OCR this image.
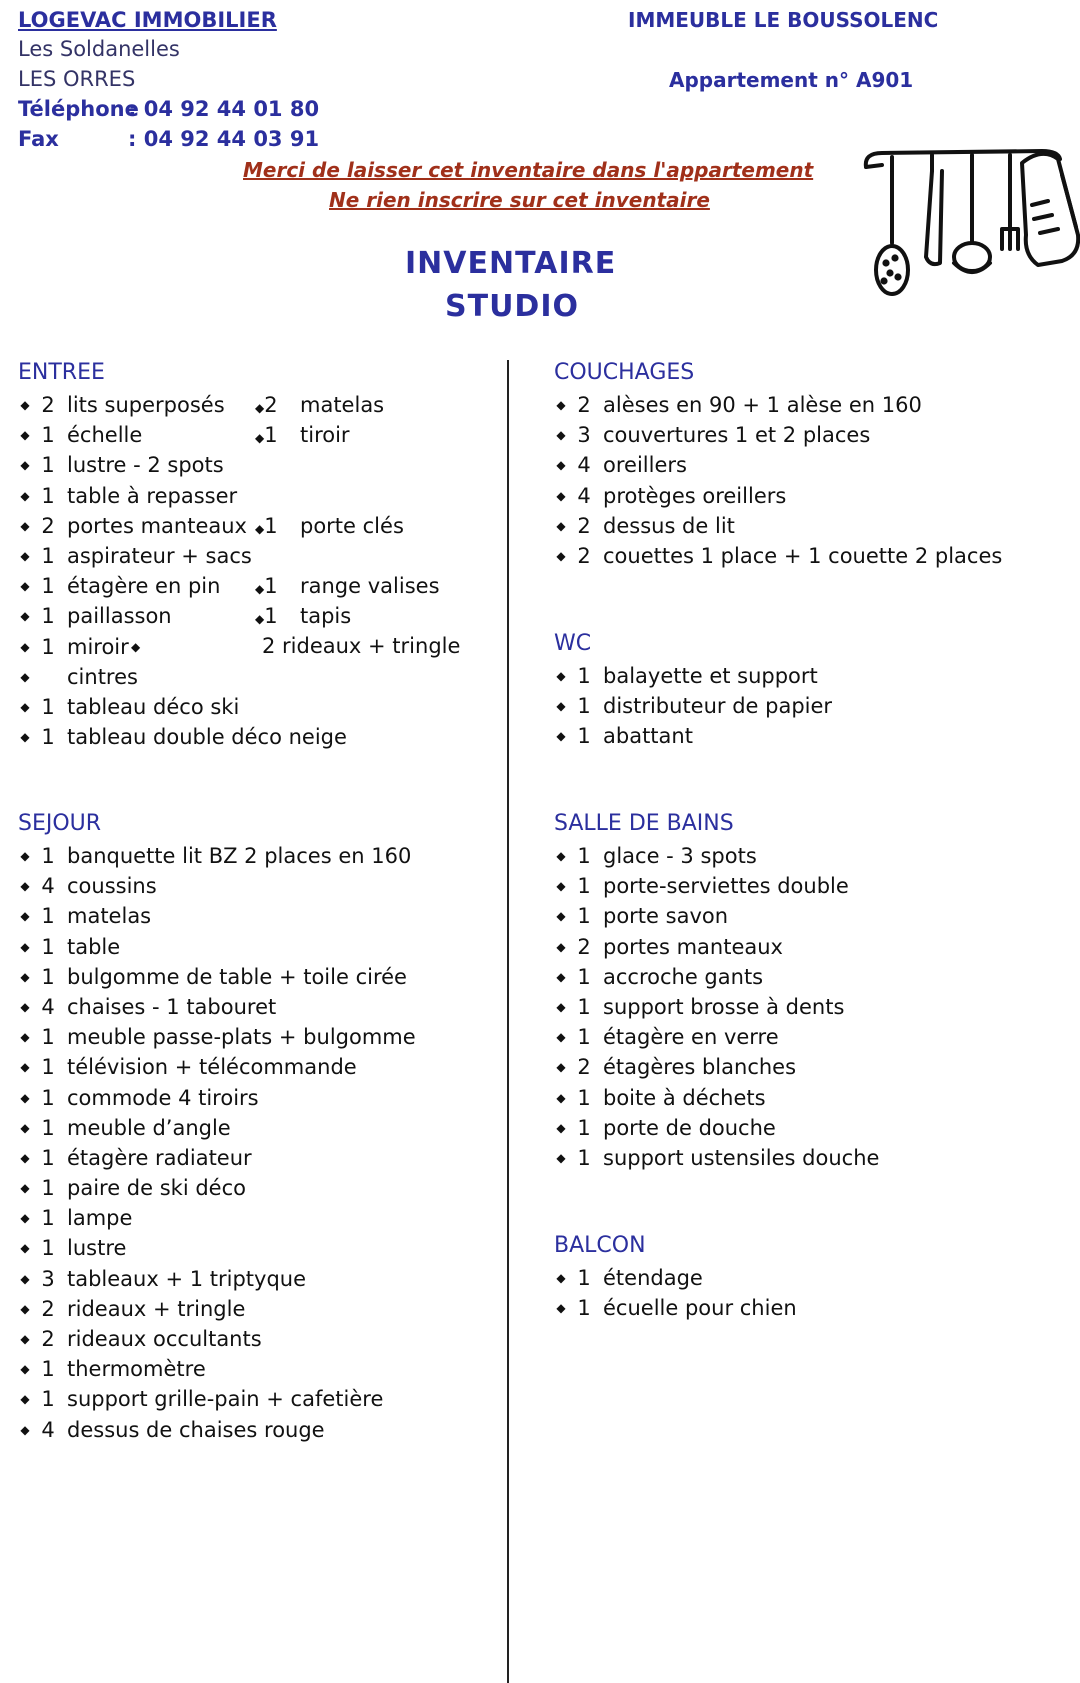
LOGEVAC IMMOBILIER
Les Soldanelles
LES ORRES
Téléphone
: 04 92 44 01 80
Fax	: 04 92 44 03 91
IMMEUBLE LE BOUSSOLENC
Appartement n° A901
Merci de laisser cet inventaire dans l'appartement
Ne rien inscrire sur cet inventaire
INVENTAIRE
STUDIO
ENTREE
◆ 2 lits superposés
◆ 1 échelle
◆ 1 lustre - 2 spots
◆ 1 table à repasser
◆ 2 portes manteaux
◆ 1 aspirateur + sacs
◆ 1 étagère en pin
◆ 1 paillasson
◆ 1 miroir ◆
◆ cintres
◆ 1 tableau déco ski
◆ 1 tableau double déco neige
◆2 matelas
◆1 tiroir
◆1 porte clés
◆1 range valises
◆1 tapis
2 rideaux + tringle
SEJOUR
◆ 1 banquette lit BZ 2 places en 160
◆ 4 coussins
◆ 1 matelas
◆ 1 table
◆ 1 bulgomme de table + toile cirée
◆ 4 chaises - 1 tabouret
◆ 1 meuble passe-plats + bulgomme
◆ 1 télévision + télécommande
◆ 1 commode 4 tiroirs
◆ 1 meuble d’angle
◆ 1 étagère radiateur
◆ 1 paire de ski déco
◆ 1 lampe
◆ 1 lustre
◆ 3 tableaux + 1 triptyque
◆ 2 rideaux + tringle
◆ 2 rideaux occultants
◆ 1 thermomètre
◆ 1 support grille-pain + cafetière
◆ 4 dessus de chaises rouge
COUCHAGES
◆ 2 alèses en 90 + 1 alèse en 160
◆ 3 couvertures 1 et 2 places
◆ 4 oreillers
◆ 4 protèges oreillers
◆ 2 dessus de lit
◆ 2 couettes 1 place + 1 couette 2 places
WC
◆ 1 balayette et support
◆ 1 distributeur de papier
◆ 1 abattant
SALLE DE BAINS
◆ 1 glace - 3 spots
◆ 1 porte-serviettes double
◆ 1 porte savon
◆ 2 portes manteaux
◆ 1 accroche gants
◆ 1 support brosse à dents
◆ 1 étagère en verre
◆ 2 étagères blanches
◆ 1 boite à déchets
◆ 1 porte de douche
◆ 1 support ustensiles douche
BALCON
◆ 1 étendage
◆ 1 écuelle pour chien
